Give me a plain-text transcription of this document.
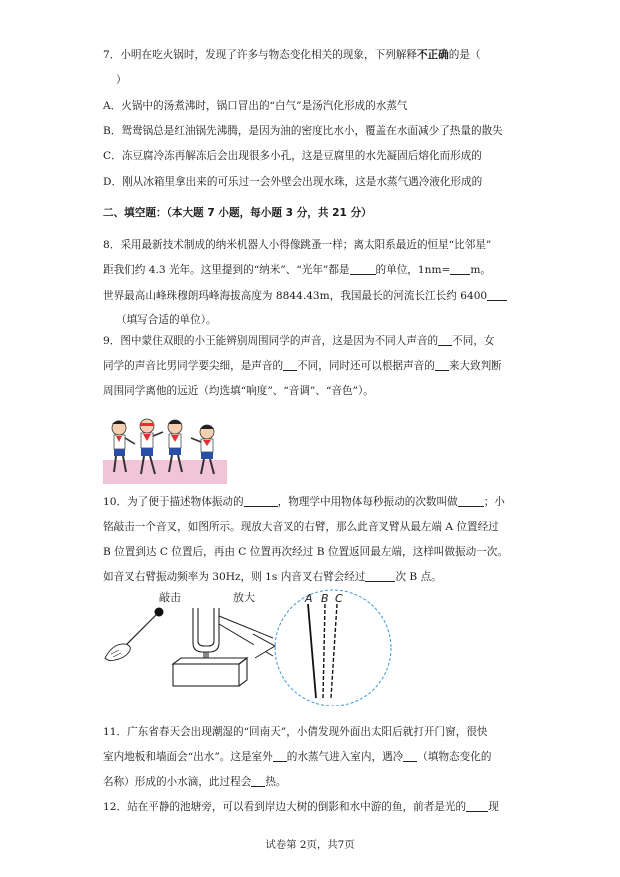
7．小明在吃火锅时，发现了许多与物态变化相关的现象，下列解释不正确的是（
）
A．火锅中的汤煮沸时，锅口冒出的“白气”是汤汽化形成的水蒸气
B．鸳鸯锅总是红油锅先沸腾，是因为油的密度比水小，覆盖在水面减少了热量的散失
C．冻豆腐冷冻再解冻后会出现很多小孔，这是豆腐里的水先凝固后熔化而形成的
D．刚从冰箱里拿出来的可乐过一会外壁会出现水珠，这是水蒸气遇冷液化形成的
二、填空题：（本大题 7 小题，每小题 3 分，共 21 分）
8．采用最新技术制成的纳米机器人小得像跳蚤一样；离太阳系最近的恒星“比邻星”
距我们约 4.3 光年。这里提到的“纳米”、“光年”都是 的单位，1nm= m。
世界最高山峰珠穆朗玛峰海拔高度为 8844.43m，我国最长的河流长江长约 6400
（填写合适的单位）。
9．图中蒙住双眼的小王能辨别周围同学的声音，这是因为不同人声音的 不同，女
同学的声音比男同学要尖细，是声音的 不同，同时还可以根据声音的 来大致判断
周围同学离他的远近（均选填“响度”、“音调”、“音色”）。
10．为了便于描述物体振动的	，物理学中用物体每秒振动的次数叫做 ；小
铭敲击一个音叉，如图所示。现放大音叉的右臂，那么此音叉臂从最左端 A 位置经过
B 位置到达 C 位置后，再由 C 位置再次经过 B 位置返回最左端，这样叫做振动一次。
如音叉右臂振动频率为 30Hz，则 1s 内音叉右臂会经过	次 B 点。
敲击	放大	A B C
11．广东省春天会出现潮湿的“回南天”，小倩发现外面出太阳后就打开门窗，很快
室内地板和墙面会“出水”。这是室外 的水蒸气进入室内，遇冷 （填物态变化的
名称）形成的小水滴，此过程会 热。
12．站在平静的池塘旁，可以看到岸边大树的倒影和水中游的鱼，前者是光的 现
试卷第 2页，共7页
